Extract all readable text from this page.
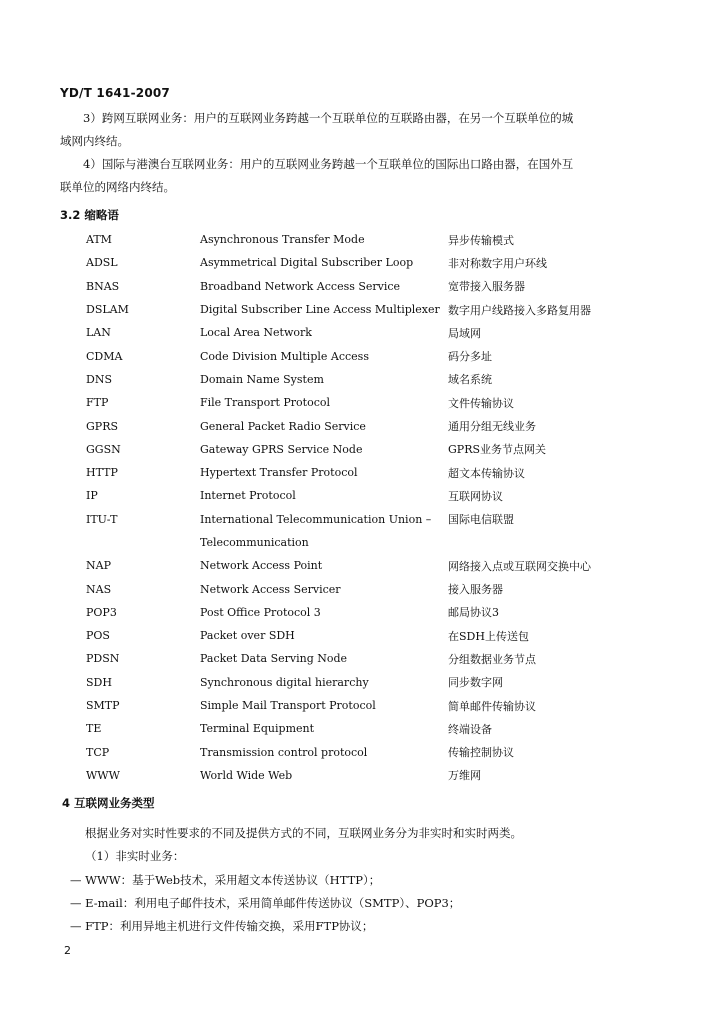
YD/T 1641-2007
3）跨网互联网业务：用户的互联网业务跨越一个互联单位的互联路由器，在另一个互联单位的城
域网内终结。
4）国际与港澳台互联网业务：用户的互联网业务跨越一个互联单位的国际出口路由器，在国外互
联单位的网络内终结。
3.2 缩略语
ATM	Asynchronous Transfer Mode	异步传输模式
ADSL	Asymmetrical Digital Subscriber Loop	非对称数字用户环线
BNAS	Broadband Network Access Service	宽带接入服务器
DSLAM	Digital Subscriber Line Access Multiplexer 数字用户线路接入多路复用器
LAN	Local Area Network	局域网
CDMA	Code Division Multiple Access	码分多址
DNS	Domain Name System	域名系统
FTP	File Transport Protocol	文件传输协议
GPRS	General Packet Radio Service	通用分组无线业务
GGSN	Gateway GPRS Service Node	GPRS业务节点网关
HTTP	Hypertext Transfer Protocol	超文本传输协议
IP	Internet Protocol	互联网协议
ITU-T	International Telecommunication Union –	国际电信联盟
Telecommunication
NAP	Network Access Point	网络接入点或互联网交换中心
NAS	Network Access Servicer	接入服务器
POP3	Post Office Protocol 3	邮局协议3
POS	Packet over SDH	在SDH上传送包
PDSN	Packet Data Serving Node	分组数据业务节点
SDH	Synchronous digital hierarchy	同步数字网
SMTP	Simple Mail Transport Protocol	简单邮件传输协议
TE	Terminal Equipment	终端设备
TCP	Transmission control protocol	传输控制协议
WWW	World Wide Web	万维网
4 互联网业务类型
根据业务对实时性要求的不同及提供方式的不同，互联网业务分为非实时和实时两类。
（1）非实时业务：
— WWW：基于Web技术，采用超文本传送协议（HTTP）；
— E-mail：利用电子邮件技术，采用简单邮件传送协议（SMTP）、POP3；
— FTP：利用异地主机进行文件传输交换，采用FTP协议；
2
